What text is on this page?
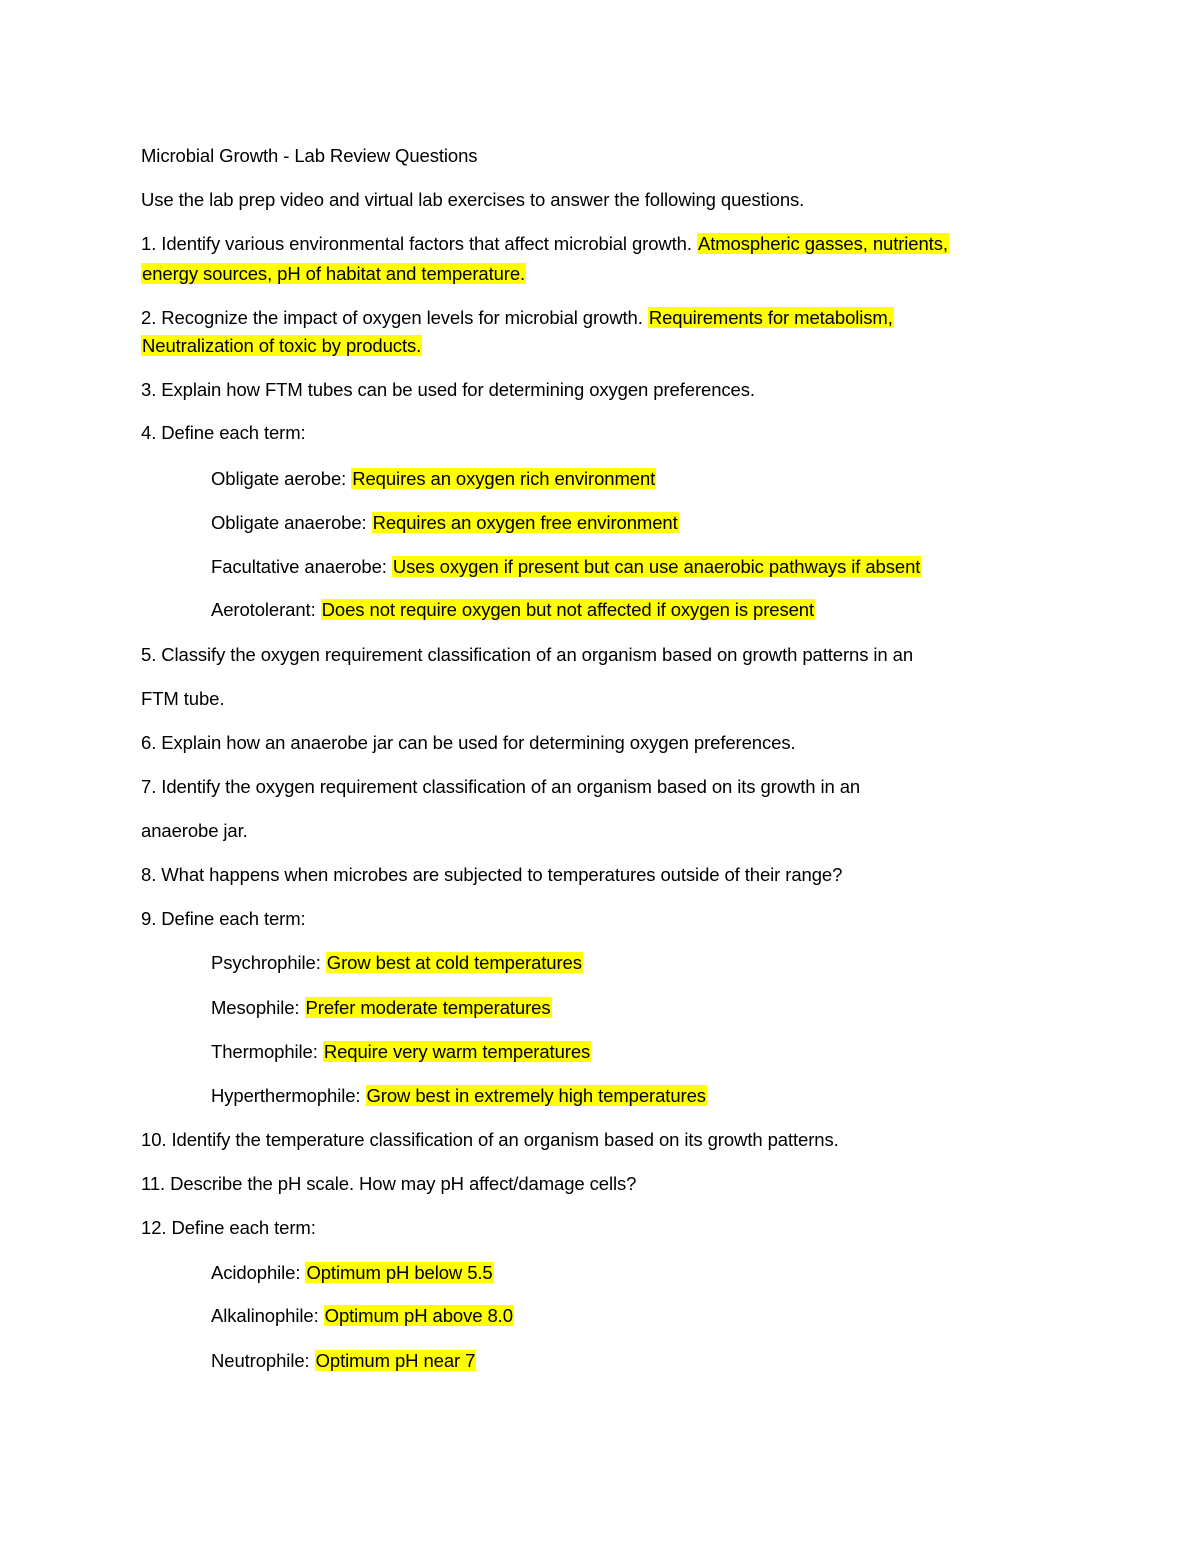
Microbial Growth - Lab Review Questions
Use the lab prep video and virtual lab exercises to answer the following questions.
1. Identify various environmental factors that affect microbial growth. Atmospheric gasses, nutrients,
energy sources, pH of habitat and temperature.
2. Recognize the impact of oxygen levels for microbial growth. Requirements for metabolism,
Neutralization of toxic by products.
3. Explain how FTM tubes can be used for determining oxygen preferences.
4. Define each term:
Obligate aerobe: Requires an oxygen rich environment
Obligate anaerobe: Requires an oxygen free environment
Facultative anaerobe: Uses oxygen if present but can use anaerobic pathways if absent
Aerotolerant: Does not require oxygen but not affected if oxygen is present
5. Classify the oxygen requirement classification of an organism based on growth patterns in an
FTM tube.
6. Explain how an anaerobe jar can be used for determining oxygen preferences.
7. Identify the oxygen requirement classification of an organism based on its growth in an
anaerobe jar.
8. What happens when microbes are subjected to temperatures outside of their range?
9. Define each term:
Psychrophile: Grow best at cold temperatures
Mesophile: Prefer moderate temperatures
Thermophile: Require very warm temperatures
Hyperthermophile: Grow best in extremely high temperatures
10. Identify the temperature classification of an organism based on its growth patterns.
11. Describe the pH scale. How may pH affect/damage cells?
12. Define each term:
Acidophile: Optimum pH below 5.5
Alkalinophile: Optimum pH above 8.0
Neutrophile: Optimum pH near 7
